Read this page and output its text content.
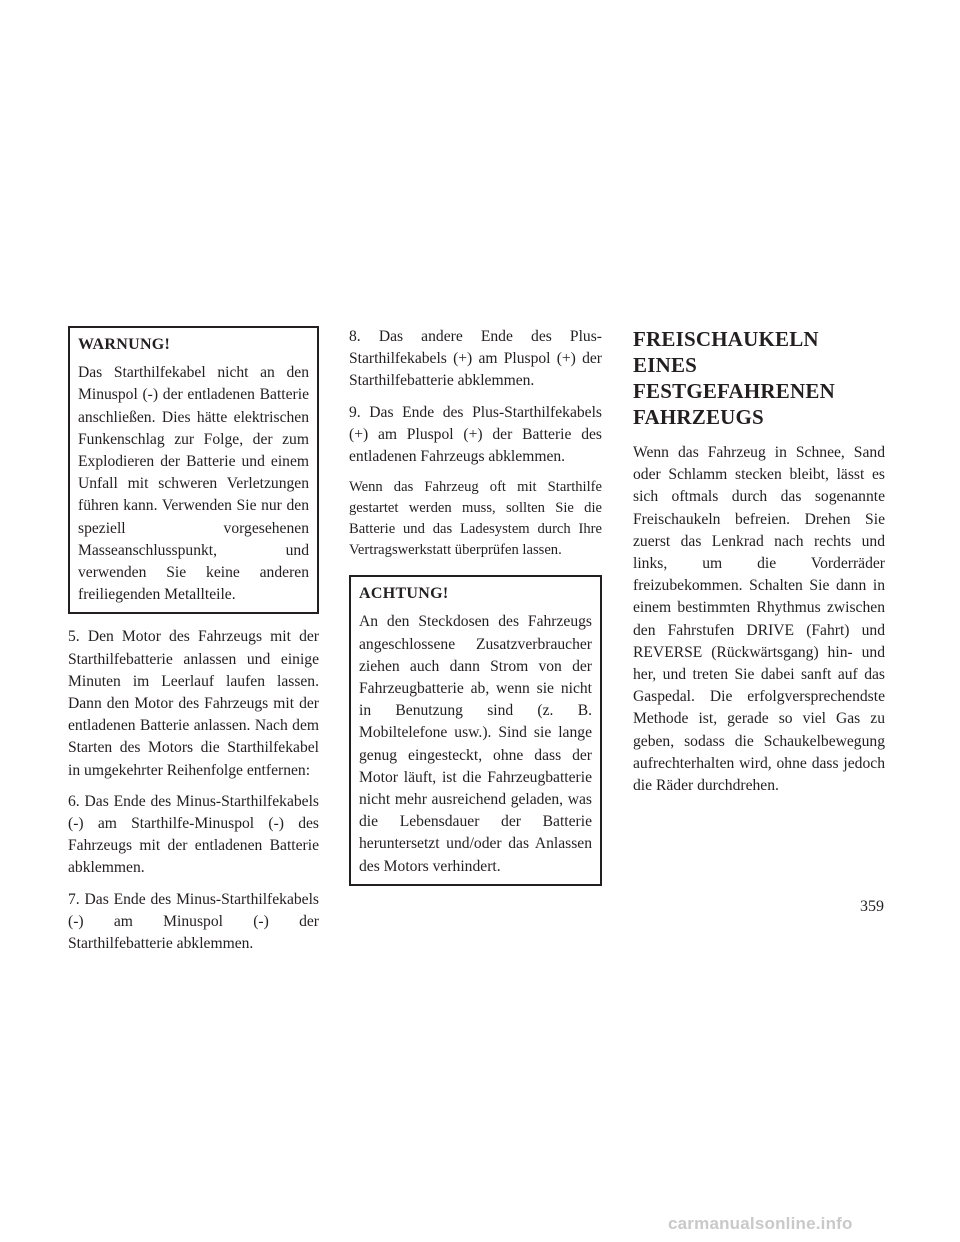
WARNUNG!

Das Starthilfekabel nicht an den Minuspol (-) der entladenen Batterie anschließen. Dies hätte elektrischen Funkenschlag zur Folge, der zum Explodieren der Batterie und einem Unfall mit schweren Verletzungen führen kann. Verwenden Sie nur den speziell vorgesehenen Masseanschlusspunkt, und verwenden Sie keine anderen freiliegenden Metallteile.

5. Den Motor des Fahrzeugs mit der Starthilfebatterie anlassen und einige Minuten im Leerlauf laufen lassen. Dann den Motor des Fahrzeugs mit der entladenen Batterie anlassen. Nach dem Starten des Motors die Starthilfekabel in umgekehrter Reihenfolge entfernen:

6. Das Ende des Minus-Starthilfekabels (-) am Starthilfe-Minuspol (-) des Fahrzeugs mit der entladenen Batterie abklemmen.

7. Das Ende des Minus-Starthilfekabels (-) am Minuspol (-) der Starthilfebatterie abklemmen.

8. Das andere Ende des Plus-Starthilfekabels (+) am Pluspol (+) der Starthilfebatterie abklemmen.

9. Das Ende des Plus-Starthilfekabels (+) am Pluspol (+) der Batterie des entladenen Fahrzeugs abklemmen.

Wenn das Fahrzeug oft mit Starthilfe gestartet werden muss, sollten Sie die Batterie und das Ladesystem durch Ihre Vertragswerkstatt überprüfen lassen.

ACHTUNG!

An den Steckdosen des Fahrzeugs angeschlossene Zusatzverbraucher ziehen auch dann Strom von der Fahrzeugbatterie ab, wenn sie nicht in Benutzung sind (z. B. Mobiltelefone usw.). Sind sie lange genug eingesteckt, ohne dass der Motor läuft, ist die Fahrzeugbatterie nicht mehr ausreichend geladen, was die Lebensdauer der Batterie heruntersetzt und/oder das Anlassen des Motors verhindert.

FREISCHAUKELN EINES FESTGEFAHRENEN FAHRZEUGS

Wenn das Fahrzeug in Schnee, Sand oder Schlamm stecken bleibt, lässt es sich oftmals durch das sogenannte Freischaukeln befreien. Drehen Sie zuerst das Lenkrad nach rechts und links, um die Vorderräder freizubekommen. Schalten Sie dann in einem bestimmten Rhythmus zwischen den Fahrstufen DRIVE (Fahrt) und REVERSE (Rückwärtsgang) hin- und her, und treten Sie dabei sanft auf das Gaspedal. Die erfolgversprechendste Methode ist, gerade so viel Gas zu geben, sodass die Schaukelbewegung aufrechterhalten wird, ohne dass jedoch die Räder durchdrehen.

359
carmanualsonline.info
